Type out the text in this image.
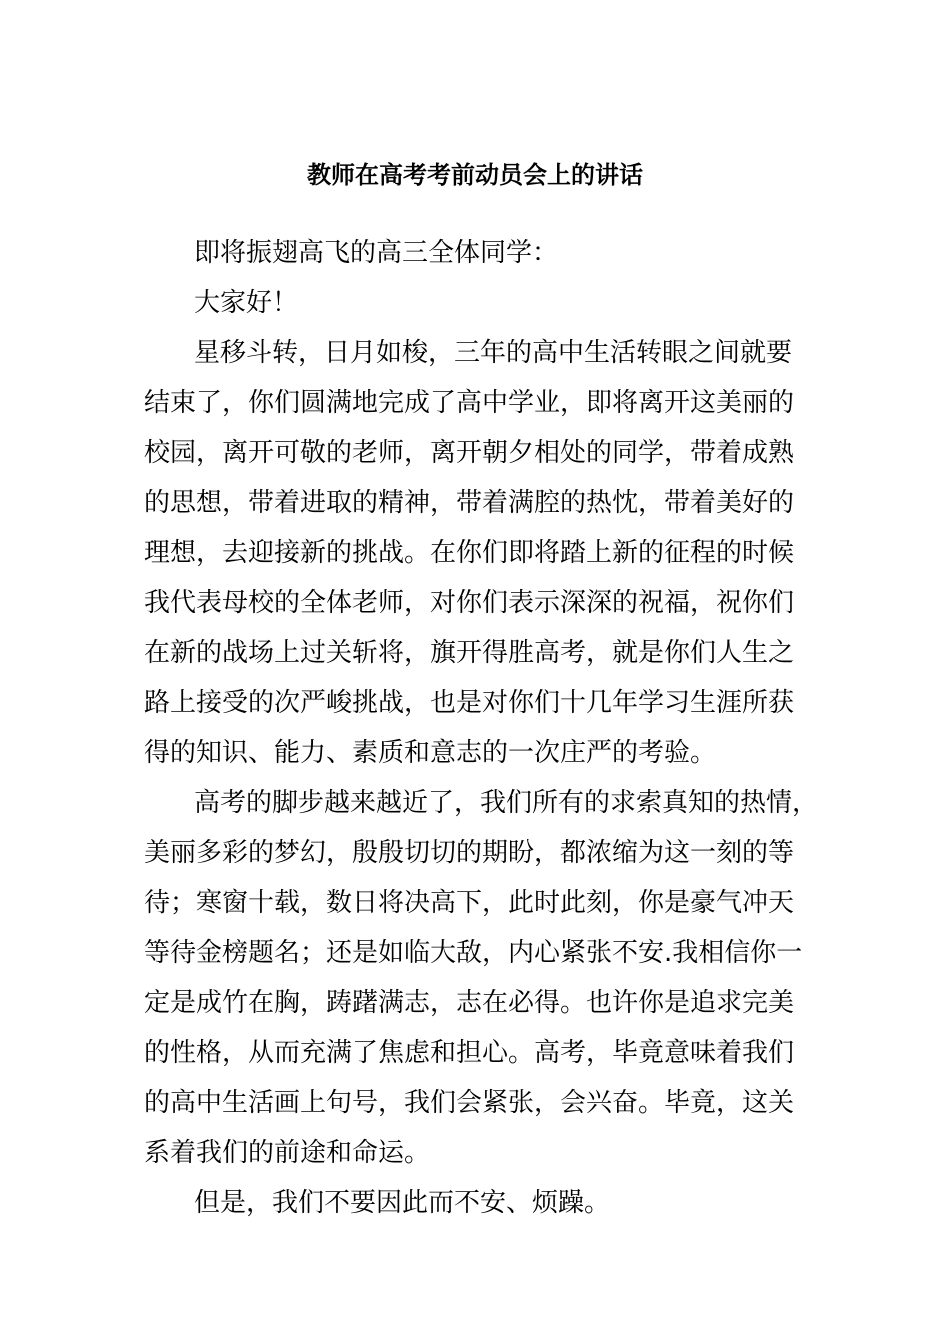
教师在高考考前动员会上的讲话
即将振翅高飞的高三全体同学：
大家好！
星移斗转，日月如梭，三年的高中生活转眼之间就要
结束了，你们圆满地完成了高中学业，即将离开这美丽的
校园，离开可敬的老师，离开朝夕相处的同学，带着成熟
的思想，带着进取的精神，带着满腔的热忱，带着美好的
理想，去迎接新的挑战。在你们即将踏上新的征程的时候
我代表母校的全体老师，对你们表示深深的祝福，祝你们
在新的战场上过关斩将，旗开得胜高考，就是你们人生之
路上接受的次严峻挑战，也是对你们十几年学习生涯所获
得的知识、能力、素质和意志的一次庄严的考验。
高考的脚步越来越近了，我们所有的求索真知的热情，
美丽多彩的梦幻，殷殷切切的期盼，都浓缩为这一刻的等
待；寒窗十载，数日将决高下，此时此刻，你是豪气冲天
等待金榜题名；还是如临大敌，内心紧张不安.我相信你一
定是成竹在胸，踌躇满志，志在必得。也许你是追求完美
的性格，从而充满了焦虑和担心。高考，毕竟意味着我们
的高中生活画上句号，我们会紧张，会兴奋。毕竟，这关
系着我们的前途和命运。
但是，我们不要因此而不安、烦躁。
